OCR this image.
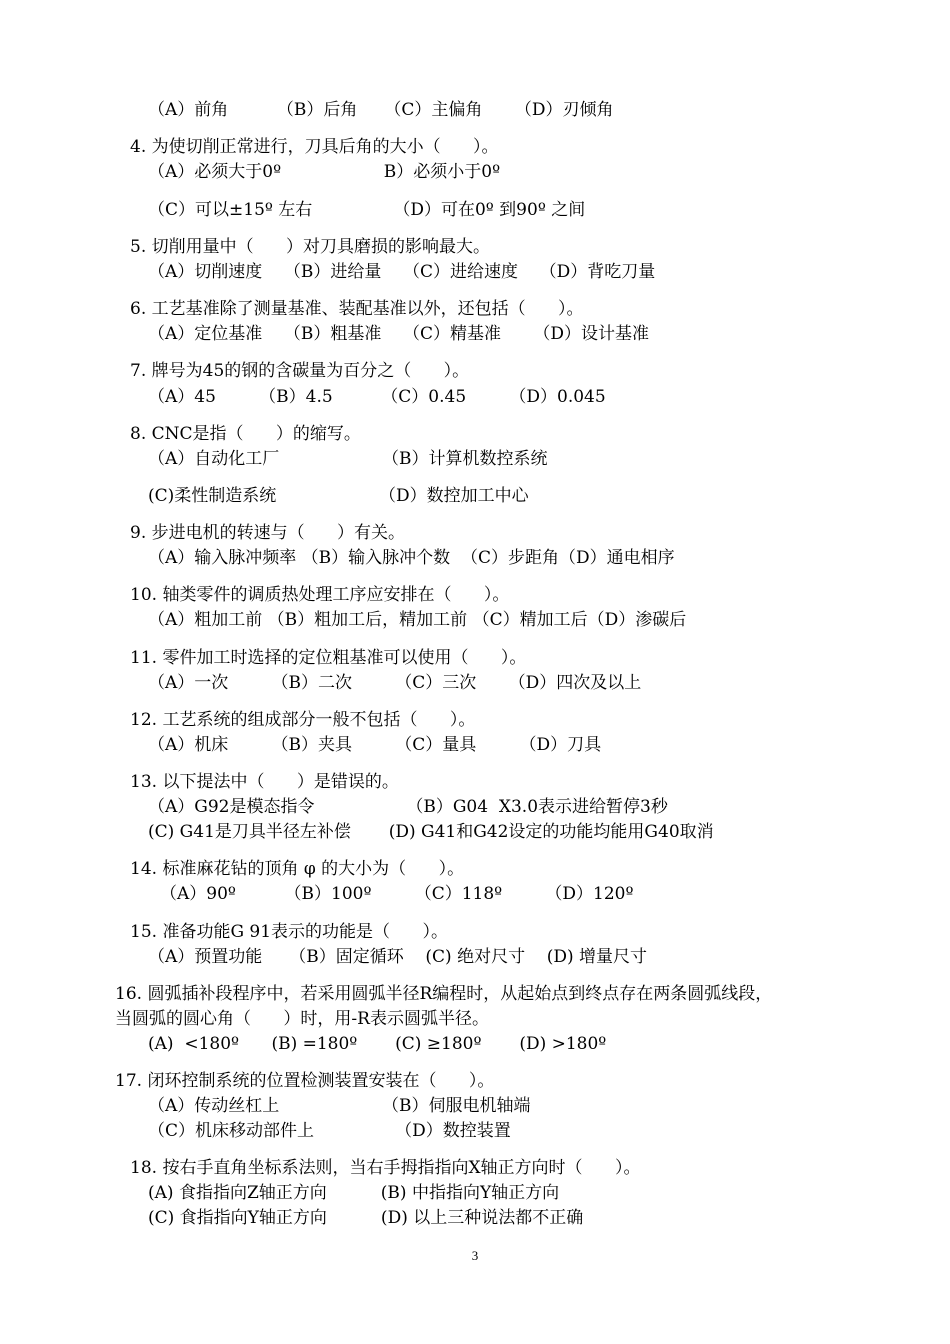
（A）前角         （B）后角     （C）主偏角      （D）刃倾角
4. 为使切削正常进行，刀具后角的大小（      ）。
（A）必须大于0º                   B）必须小于0º
（C）可以±15º 左右               （D）可在0º 到90º 之间
5. 切削用量中（      ）对刀具磨损的影响最大。
（A）切削速度    （B）进给量    （C）进给速度    （D）背吃刀量
6. 工艺基准除了测量基准、装配基准以外，还包括（      ）。
（A）定位基准    （B）粗基准    （C）精基准      （D）设计基准
7. 牌号为45的钢的含碳量为百分之（      ）。
（A）45        （B）4.5         （C）0.45        （D）0.045
8. CNC是指（      ）的缩写。
（A）自动化工厂                   （B）计算机数控系统
(C)柔性制造系统                   （D）数控加工中心
9. 步进电机的转速与（      ）有关。
（A）输入脉冲频率 （B）输入脉冲个数  （C）步距角（D）通电相序
10. 轴类零件的调质热处理工序应安排在（      ）。
（A）粗加工前 （B）粗加工后，精加工前 （C）精加工后（D）渗碳后
11. 零件加工时选择的定位粗基准可以使用（      ）。
（A）一次        （B）二次        （C）三次      （D）四次及以上
12. 工艺系统的组成部分一般不包括（      ）。
（A）机床        （B）夹具        （C）量具        （D）刀具
13. 以下提法中（      ）是错误的。
（A）G92是模态指令                 （B）G04  X3.0表示进给暂停3秒
(C) G41是刀具半径左补偿       (D) G41和G42设定的功能均能用G40取消
14. 标准麻花钻的顶角 φ 的大小为（      ）。
（A）90º         （B）100º        （C）118º        （D）120º
15. 准备功能G 91表示的功能是（      ）。
（A）预置功能     （B）固定循环    (C) 绝对尺寸    (D) 增量尺寸
16. 圆弧插补段程序中，若采用圆弧半径R编程时，从起始点到终点存在两条圆弧线段，
当圆弧的圆心角（      ）时，用-R表示圆弧半径。
(A)  <180º      (B) =180º       (C) ≥180º       (D) >180º
17. 闭环控制系统的位置检测装置安装在（      ）。
（A）传动丝杠上                   （B）伺服电机轴端
（C）机床移动部件上               （D）数控装置
18. 按右手直角坐标系法则，当右手拇指指向X轴正方向时（      ）。
(A) 食指指向Z轴正方向          (B) 中指指向Y轴正方向
(C) 食指指向Y轴正方向          (D) 以上三种说法都不正确
3
